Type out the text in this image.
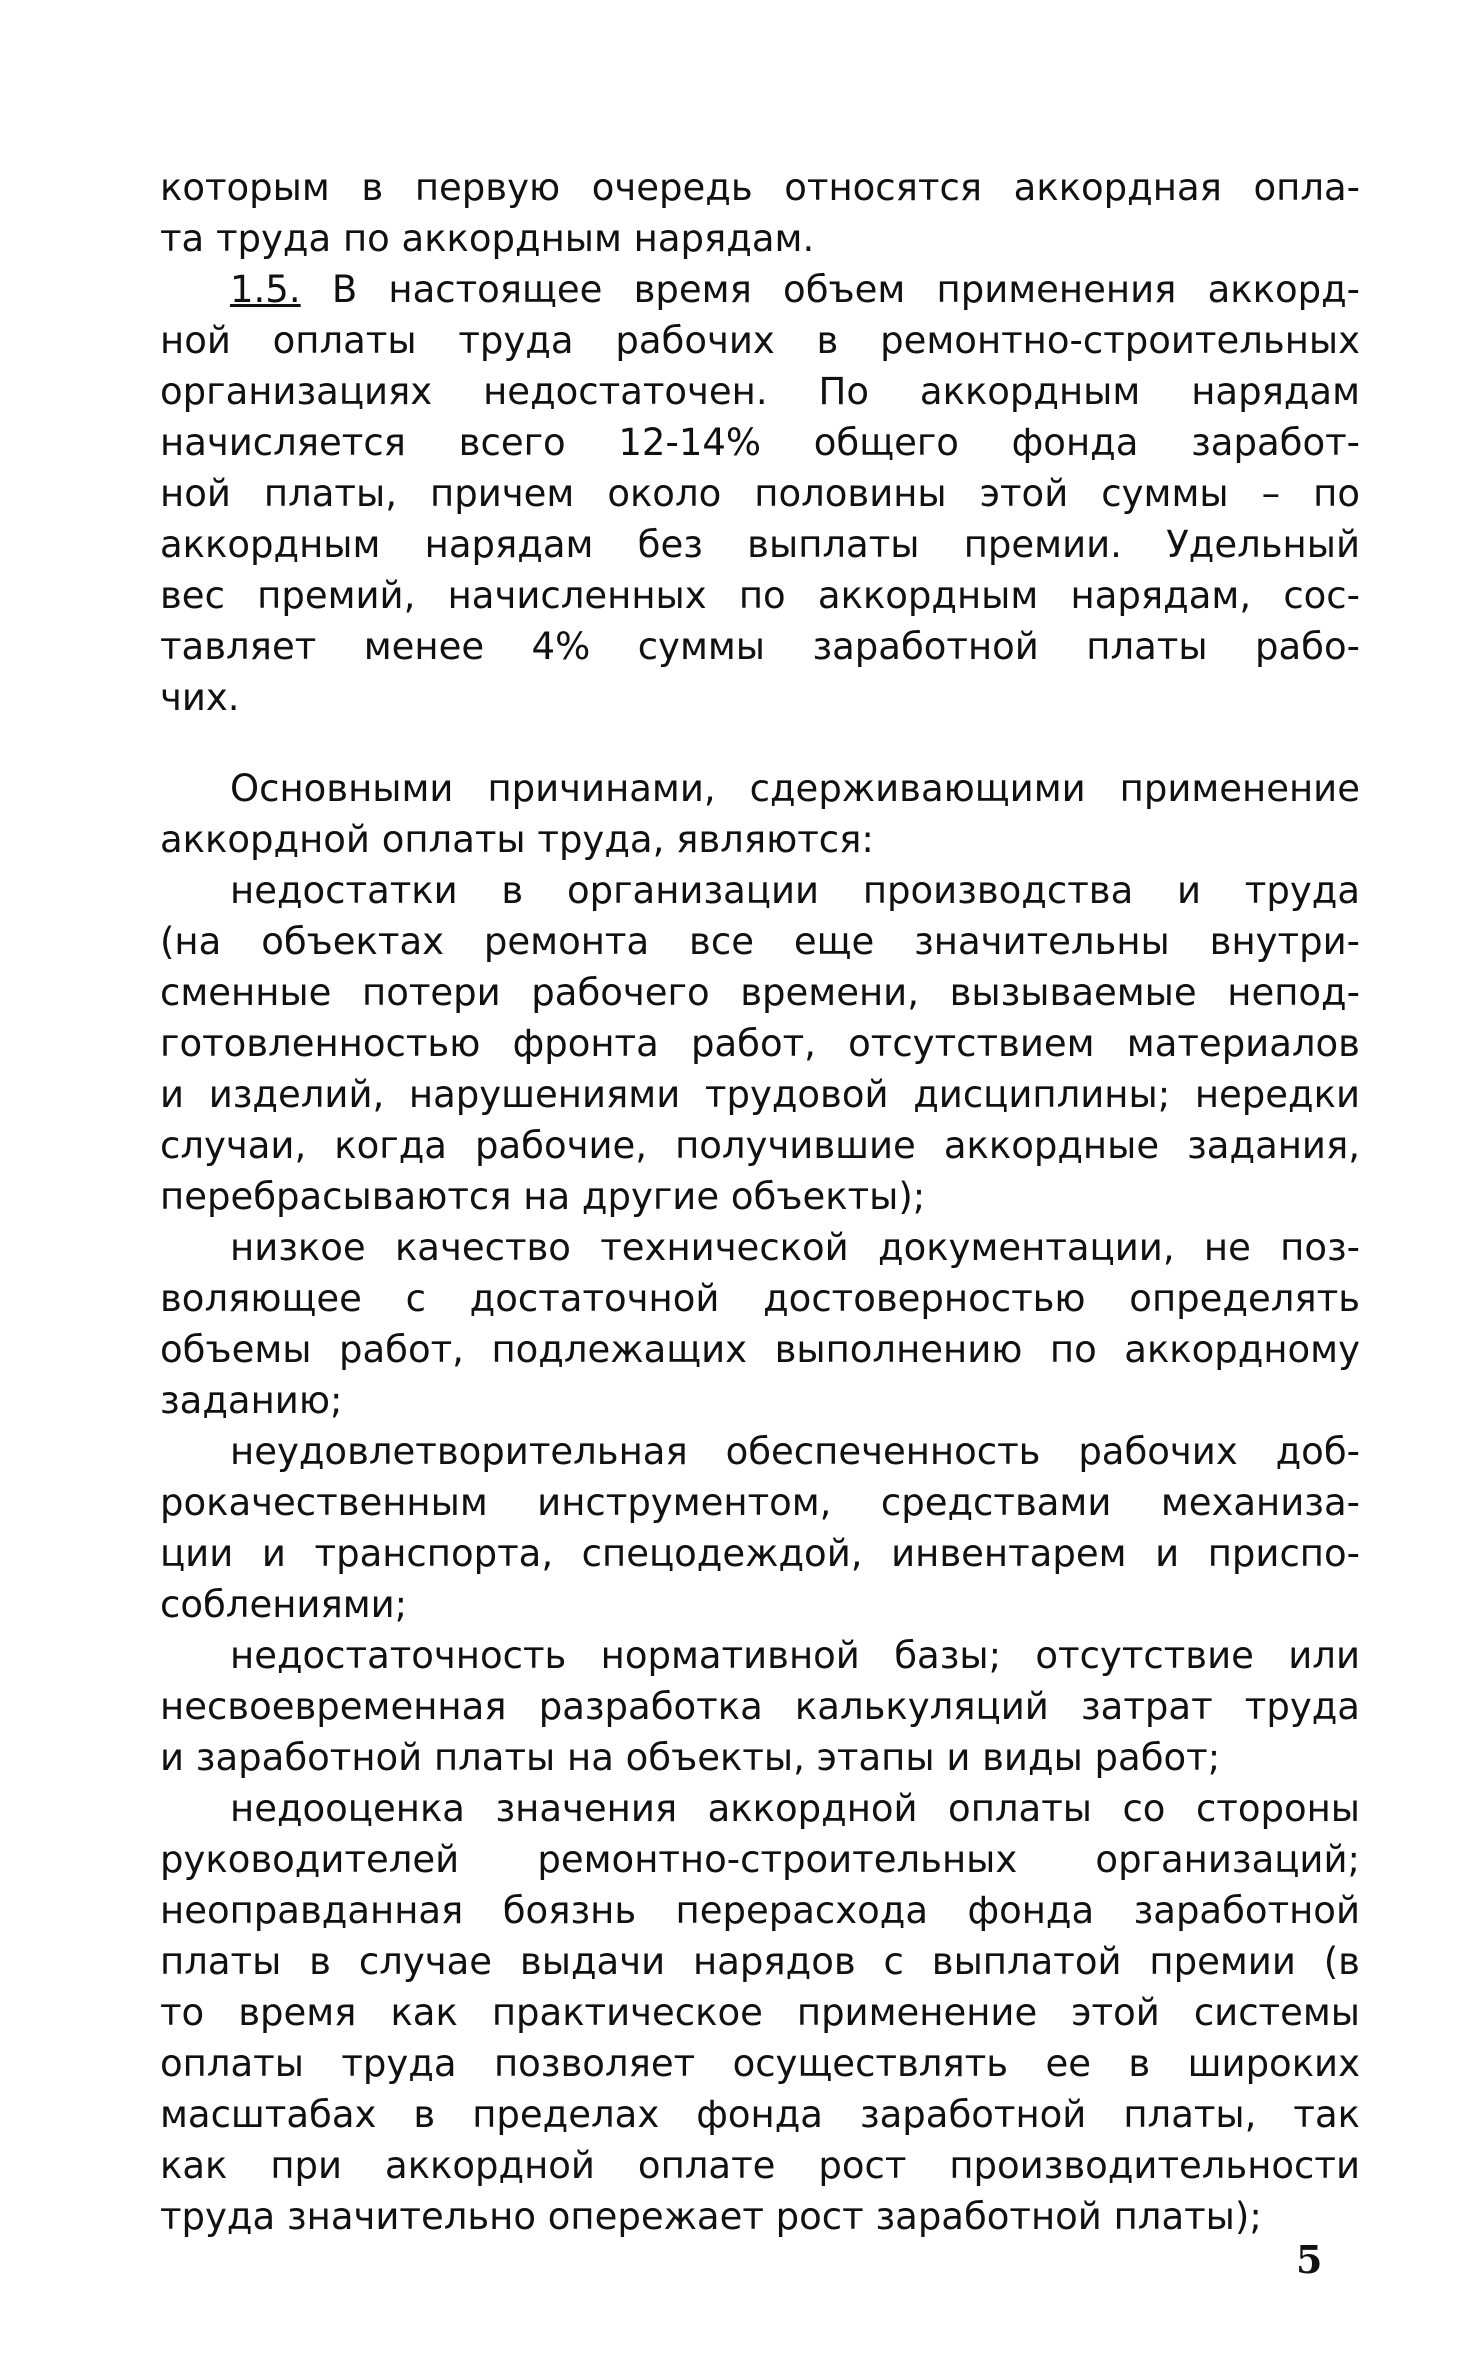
которым в первую очередь относятся аккордная опла-
та труда по аккордным нарядам.
1.5. В настоящее время объем применения аккорд-
ной оплаты труда рабочих в ремонтно-строительных
организациях недостаточен. По аккордным нарядам
начисляется всего 12-14% общего фонда заработ-
ной платы, причем около половины этой суммы – по
аккордным нарядам без выплаты премии. Удельный
вес премий, начисленных по аккордным нарядам, сос-
тавляет менее 4% суммы заработной платы рабо-
чих.
Основными причинами, сдерживающими применение
аккордной оплаты труда, являются:
недостатки в организации производства и труда
(на объектах ремонта все еще значительны внутри-
сменные потери рабочего времени, вызываемые непод-
готовленностью фронта работ, отсутствием материалов
и изделий, нарушениями трудовой дисциплины; нередки
случаи, когда рабочие, получившие аккордные задания,
перебрасываются на другие объекты);
низкое качество технической документации, не поз-
воляющее с достаточной достоверностью определять
объемы работ, подлежащих выполнению по аккордному
заданию;
неудовлетворительная обеспеченность рабочих доб-
рокачественным инструментом, средствами механиза-
ции и транспорта, спецодеждой, инвентарем и приспо-
соблениями;
недостаточность нормативной базы; отсутствие или
несвоевременная разработка калькуляций затрат труда
и заработной платы на объекты, этапы и виды работ;
недооценка значения аккордной оплаты со стороны
руководителей ремонтно-строительных организаций;
неоправданная боязнь перерасхода фонда заработной
платы в случае выдачи нарядов с выплатой премии (в
то время как практическое применение этой системы
оплаты труда позволяет осуществлять ее в широких
масштабах в пределах фонда заработной платы, так
как при аккордной оплате рост производительности
труда значительно опережает рост заработной платы);
5
